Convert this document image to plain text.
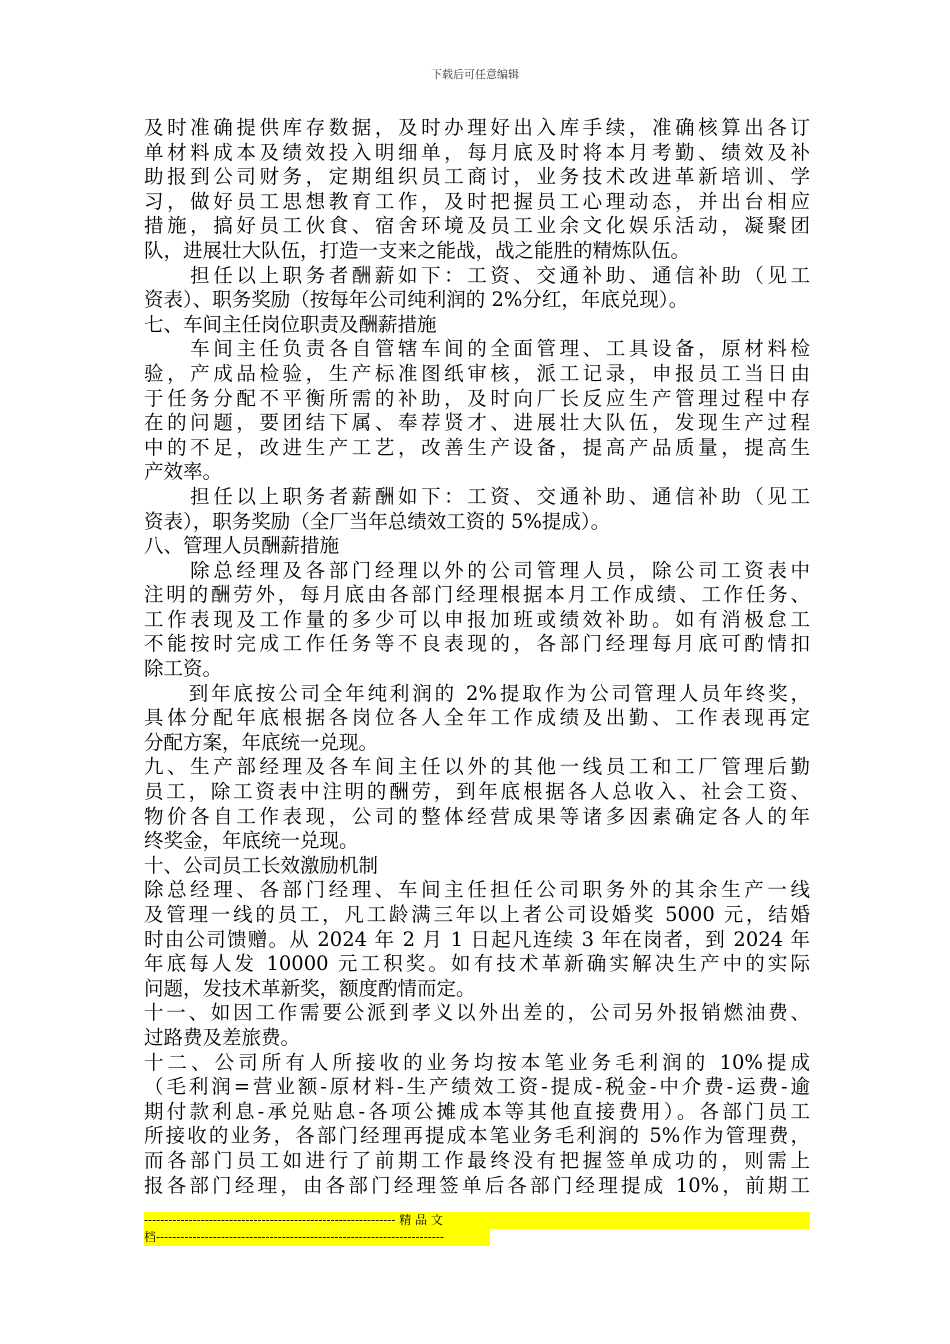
下载后可任意编辑
及时准确提供库存数据，及时办理好出入库手续，准确核算出各订
单材料成本及绩效投入明细单，每月底及时将本月考勤、绩效及补
助报到公司财务，定期组织员工商讨，业务技术改进革新培训、学
习，做好员工思想教育工作，及时把握员工心理动态，并出台相应
措施，搞好员工伙食、宿舍环境及员工业余文化娱乐活动，凝聚团
队，进展壮大队伍，打造一支来之能战，战之能胜的精炼队伍。
　　担任以上职务者酬薪如下：工资、交通补助、通信补助（见工
资表）、职务奖励（按每年公司纯利润的 2%分红，年底兑现）。
七、车间主任岗位职责及酬薪措施
　　车间主任负责各自管辖车间的全面管理、工具设备，原材料检
验，产成品检验，生产标准图纸审核，派工记录，申报员工当日由
于任务分配不平衡所需的补助，及时向厂长反应生产管理过程中存
在的问题，要团结下属、奉荐贤才、进展壮大队伍，发现生产过程
中的不足，改进生产工艺，改善生产设备，提高产品质量，提高生
产效率。
　　担任以上职务者薪酬如下：工资、交通补助、通信补助（见工
资表），职务奖励（全厂当年总绩效工资的 5%提成）。
八、管理人员酬薪措施
　　除总经理及各部门经理以外的公司管理人员，除公司工资表中
注明的酬劳外，每月底由各部门经理根据本月工作成绩、工作任务、
工作表现及工作量的多少可以申报加班或绩效补助。如有消极怠工
不能按时完成工作任务等不良表现的，各部门经理每月底可酌情扣
除工资。
　　到年底按公司全年纯利润的 2%提取作为公司管理人员年终奖，
具体分配年底根据各岗位各人全年工作成绩及出勤、工作表现再定
分配方案，年底统一兑现。
九、生产部经理及各车间主任以外的其他一线员工和工厂管理后勤
员工，除工资表中注明的酬劳，到年底根据各人总收入、社会工资、
物价各自工作表现，公司的整体经营成果等诸多因素确定各人的年
终奖金，年底统一兑现。
十、公司员工长效激励机制
除总经理、各部门经理、车间主任担任公司职务外的其余生产一线
及管理一线的员工，凡工龄满三年以上者公司设婚奖 5000 元，结婚
时由公司馈赠。从 2024 年 2 月 1 日起凡连续 3 年在岗者，到 2024 年
年底每人发 10000 元工积奖。如有技术革新确实解决生产中的实际
问题，发技术革新奖，额度酌情而定。
十一、如因工作需要公派到孝义以外出差的，公司另外报销燃油费、
过路费及差旅费。
十二、公司所有人所接收的业务均按本笔业务毛利润的 10%提成
（毛利润=营业额-原材料-生产绩效工资-提成-税金-中介费-运费-逾
期付款利息-承兑贴息-各项公摊成本等其他直接费用）。各部门员工
所接收的业务，各部门经理再提成本笔业务毛利润的 5%作为管理费，
而各部门员工如进行了前期工作最终没有把握签单成功的，则需上
报各部门经理，由各部门经理签单后各部门经理提成 10%，前期工
-------------------------------------------------------------- 精 品 文
档-----------------------------------------------------------------------
